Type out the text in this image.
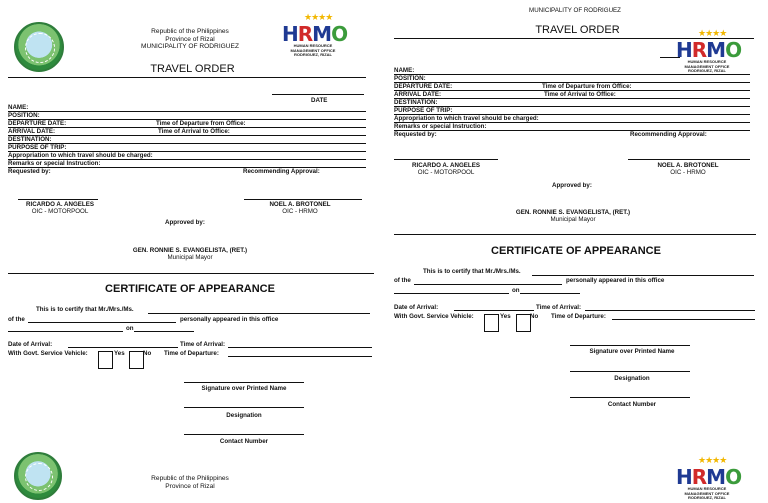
Republic of the Philippines
Province of Rizal
MUNICIPALITY OF RODRIGUEZ
★★★★
HRMO
HUMAN RESOURCE
MANAGEMENT OFFICE
RODRIGUEZ, RIZAL
TRAVEL ORDER
DATE
NAME:
POSITION:
DEPARTURE DATE:	Time of Departure from Office:
ARRIVAL DATE:	Time of Arrival to Office:
DESTINATION:
PURPOSE OF TRIP:
Appropriation to which travel should be charged:
Remarks or special Instruction:
Requested by:	Recommending Approval:
RICARDO A. ANGELES
OIC - MOTORPOOL
NOEL A. BROTONEL
OIC - HRMO
Approved by:
GEN. RONNIE S. EVANGELISTA, (RET.)
Municipal Mayor
CERTIFICATE OF APPEARANCE
This is to certify that Mr./Mrs./Ms.
of the	personally appeared in this office
on
Date of Arrival:	Time of Arrival:
With Govt. Service Vehicle:	Yes	No Time of Departure:
Signature over Printed Name
Designation
Contact Number
Republic of the Philippines
Province of Rizal
MUNICIPALITY OF RODRIGUEZ
TRAVEL ORDER	★★★★
HRMO
HUMAN RESOURCE
MANAGEMENT OFFICE
RODRIGUEZ, RIZAL
NAME:
POSITION:
DEPARTURE DATE:	Time of Departure from Office:
ARRIVAL DATE:	Time of Arrival to Office:
DESTINATION:
PURPOSE OF TRIP:
Appropriation to which travel should be charged:
Remarks or special Instruction:
Requested by:	Recommending Approval:
RICARDO A. ANGELES
OIC - MOTORPOOL
NOEL A. BROTONEL
OIC - HRMO
Approved by:
GEN. RONNIE S. EVANGELISTA, (RET.)
Municipal Mayor
CERTIFICATE OF APPEARANCE
This is to certify that Mr./Mrs./Ms.
of the	personally appeared in this office
on
Date of Arrival:	Time of Arrival:
With Govt. Service Vehicle:	Yes	No Time of Departure:
Signature over Printed Name
Designation
Contact Number
★★★★
HRMO
HUMAN RESOURCE
MANAGEMENT OFFICE
RODRIGUEZ, RIZAL
